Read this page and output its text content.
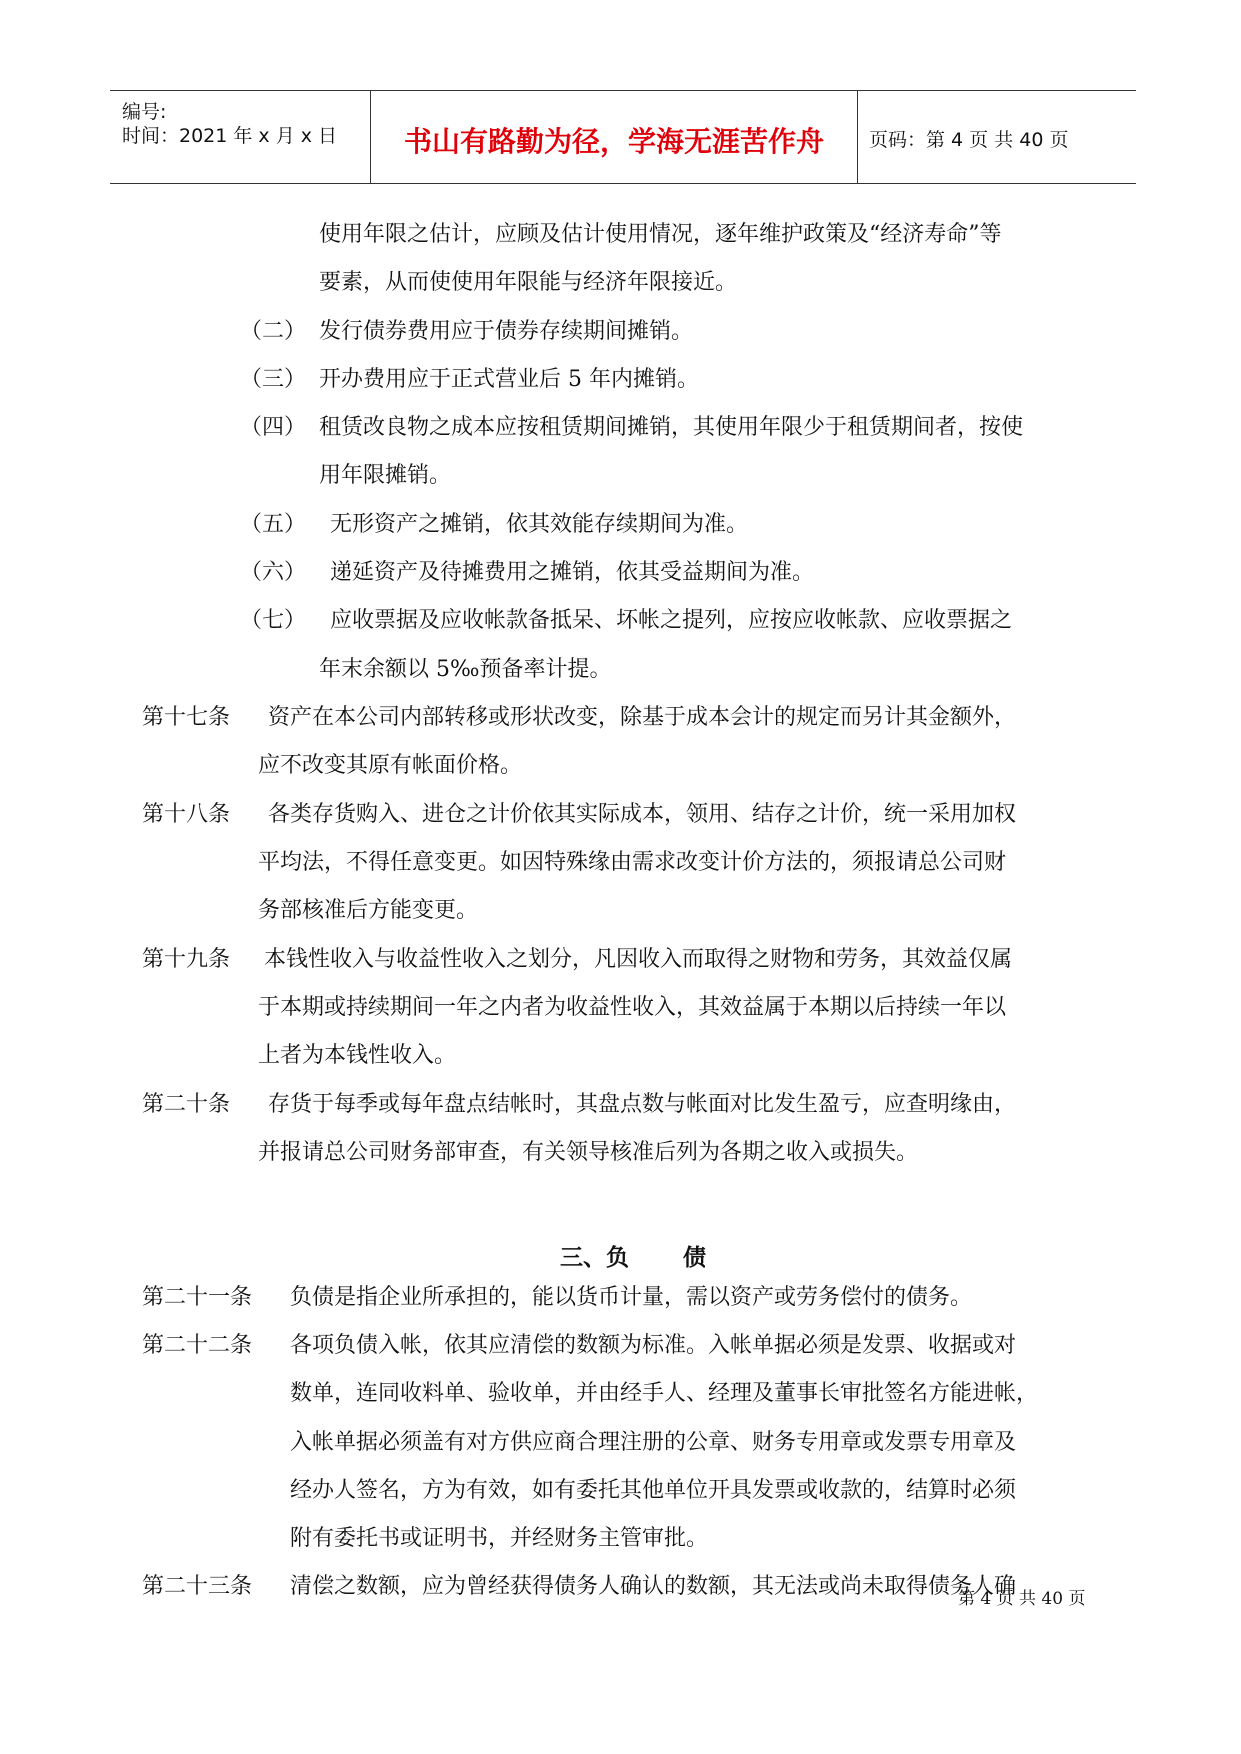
编号:
时间：2021 年 x 月 x 日	书山有路勤为径，学海无涯苦作舟	页码：第 4 页 共 40 页
使用年限之估计，应顾及估计使用情况，逐年维护政策及“经济寿命”等
要素，从而使使用年限能与经济年限接近。
（二） 发行债券费用应于债券存续期间摊销。
（三） 开办费用应于正式营业后 5 年内摊销。
（四） 租赁改良物之成本应按租赁期间摊销，其使用年限少于租赁期间者，按使
用年限摊销。
（五） 无形资产之摊销，依其效能存续期间为准。
（六） 递延资产及待摊费用之摊销，依其受益期间为准。
（七） 应收票据及应收帐款备抵呆、坏帐之提列，应按应收帐款、应收票据之
年末余额以 5‰预备率计提。
第十七条 资产在本公司内部转移或形状改变，除基于成本会计的规定而另计其金额外，
应不改变其原有帐面价格。
第十八条 各类存货购入、进仓之计价依其实际成本，领用、结存之计价，统一采用加权
平均法，不得任意变更。如因特殊缘由需求改变计价方法的，须报请总公司财
务部核准后方能变更。
第十九条 本钱性收入与收益性收入之划分，凡因收入而取得之财物和劳务，其效益仅属
于本期或持续期间一年之内者为收益性收入，其效益属于本期以后持续一年以
上者为本钱性收入。
第二十条 存货于每季或每年盘点结帐时，其盘点数与帐面对比发生盈亏，应查明缘由，
并报请总公司财务部审查，有关领导核准后列为各期之收入或损失。
三、负 债
第二十一条 负债是指企业所承担的，能以货币计量，需以资产或劳务偿付的债务。
第二十二条 各项负债入帐，依其应清偿的数额为标准。入帐单据必须是发票、收据或对
数单，连同收料单、验收单，并由经手人、经理及董事长审批签名方能进帐，
入帐单据必须盖有对方供应商合理注册的公章、财务专用章或发票专用章及
经办人签名，方为有效，如有委托其他单位开具发票或收款的，结算时必须
附有委托书或证明书，并经财务主管审批。
第二十三条 清偿之数额，应为曾经获得债务人确认的数额，其无法或尚未取得债务人确
第 4 页 共 40 页
